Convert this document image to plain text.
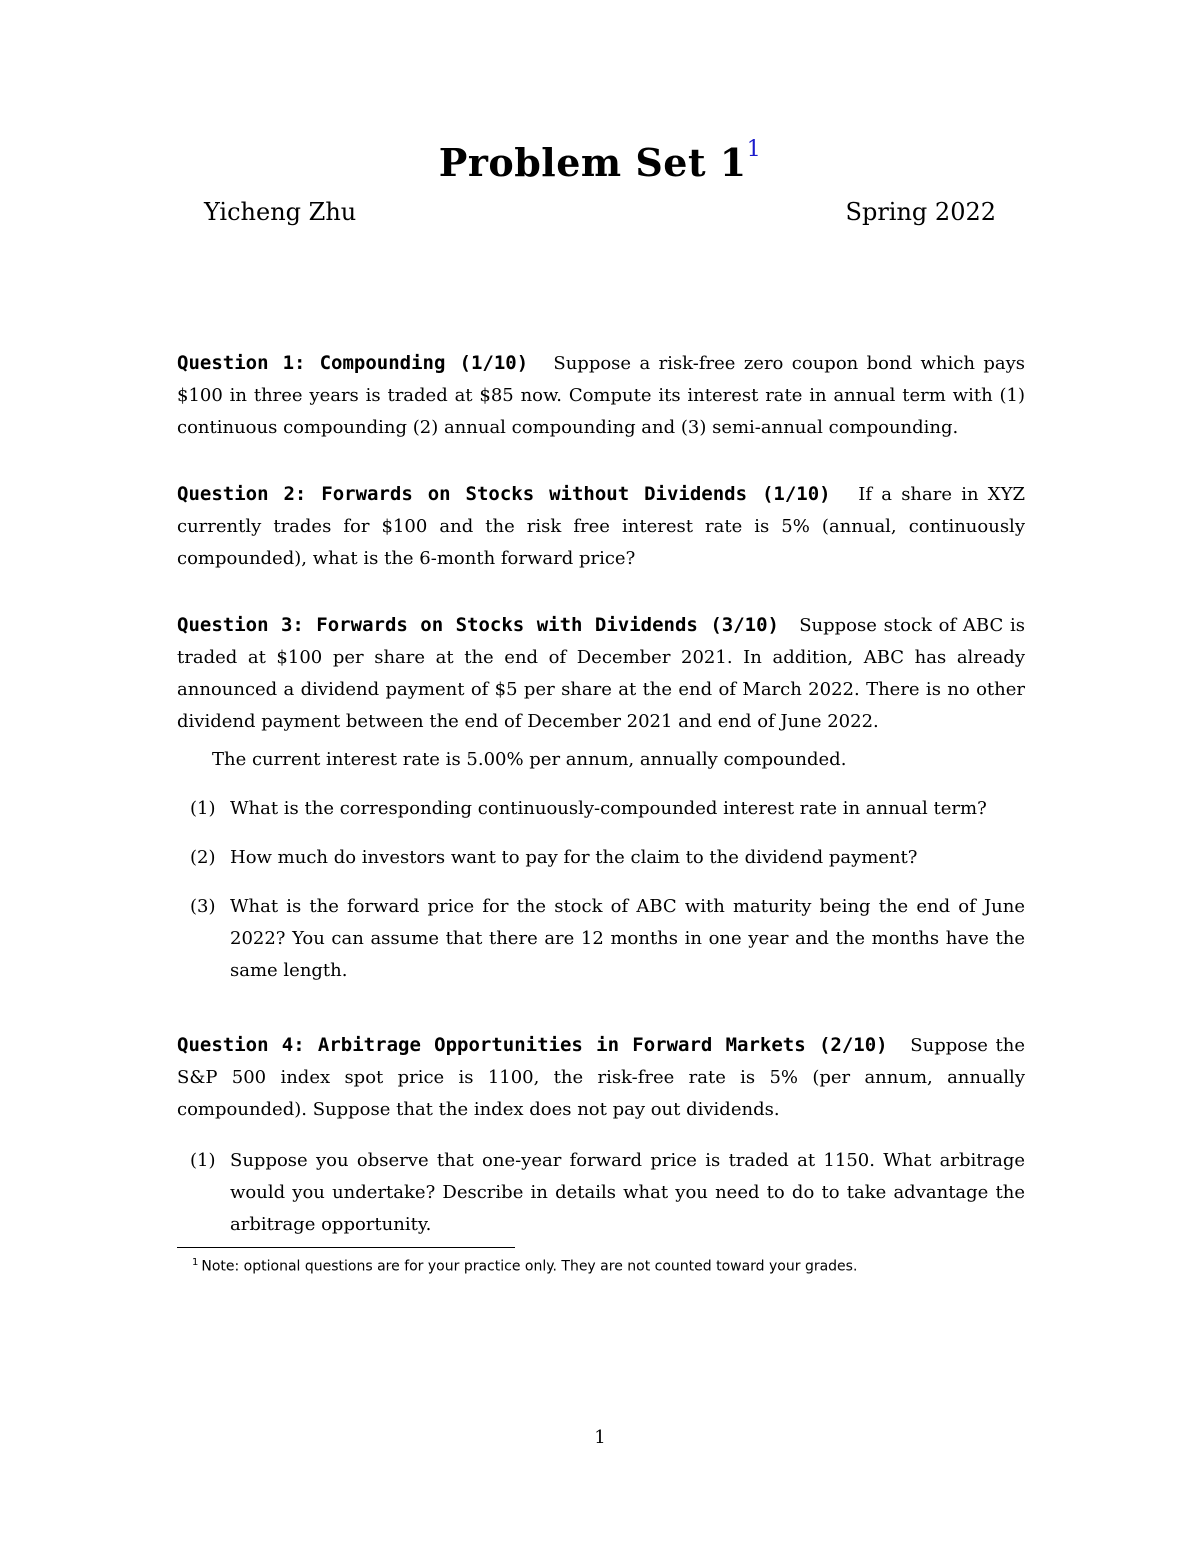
Problem Set $1^1$
Yicheng Zhu	Spring 2022

Question 1: Compounding (1/10) Suppose a risk-free zero coupon bond which pays $100 in three years is traded at $85 now. Compute its interest rate in annual term with (1) continuous compounding (2) annual compounding and (3) semi-annual compounding.

Question 2: Forwards on Stocks without Dividends (1/10) If a share in XYZ currently trades for $100 and the risk free interest rate is 5% (annual, continuously compounded), what is the 6-month forward price?

Question 3: Forwards on Stocks with Dividends (3/10) Suppose stock of ABC is traded at $100 per share at the end of December 2021. In addition, ABC has already announced a dividend payment of $5 per share at the end of March 2022. There is no other dividend payment between the end of December 2021 and end of June 2022.

The current interest rate is 5.00% per annum, annually compounded.

(1) What is the corresponding continuously-compounded interest rate in annual term?
(2) How much do investors want to pay for the claim to the dividend payment?
(3) What is the forward price for the stock of ABC with maturity being the end of June 2022? You can assume that there are 12 months in one year and the months have the same length.

Question 4: Arbitrage Opportunities in Forward Markets (2/10) Suppose the S&P 500 index spot price is 1100, the risk-free rate is 5% (per annum, annually compounded). Suppose that the index does not pay out dividends.

(1) Suppose you observe that one-year forward price is traded at 1150. What arbitrage would you undertake? Describe in details what you need to do to take advantage the arbitrage opportunity.
$^1$ Note: optional questions are for your practice only. They are not counted toward your grades.
1
